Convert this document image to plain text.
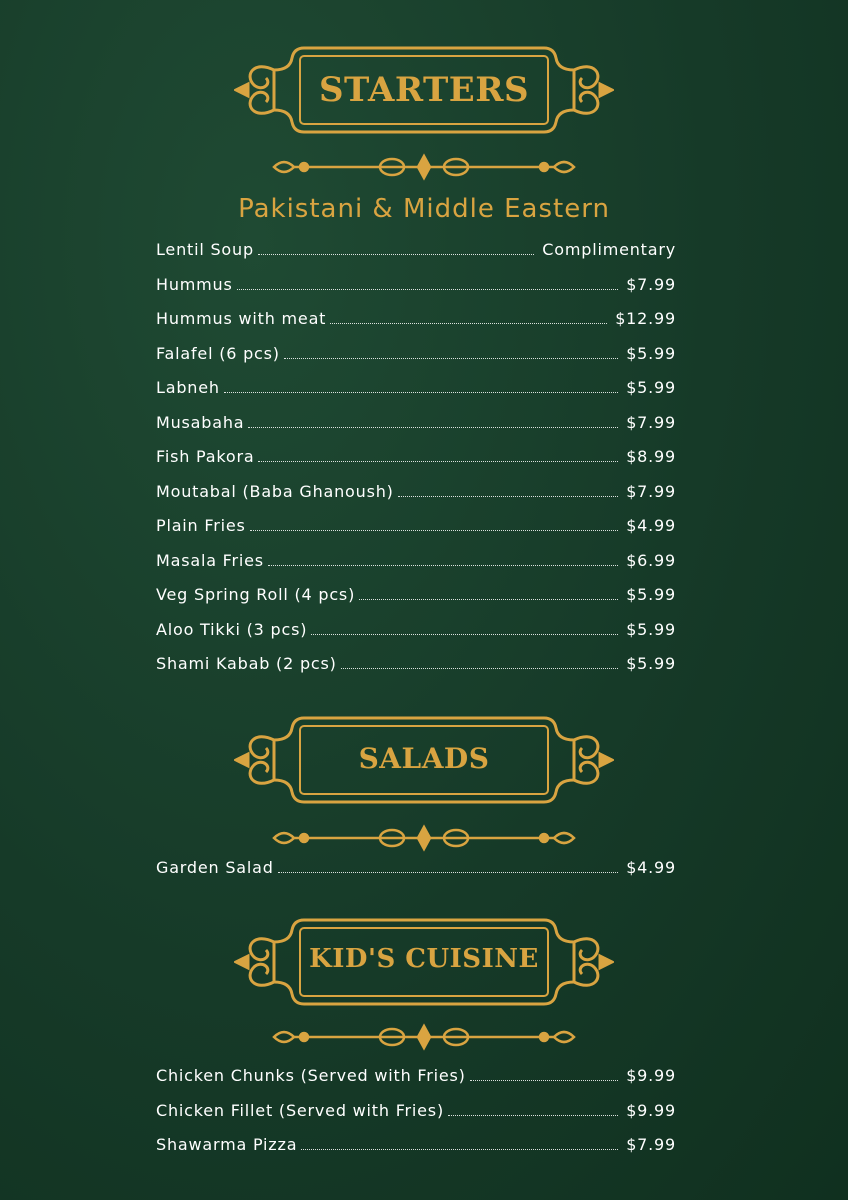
STARTERS
Pakistani & Middle Eastern
Lentil Soup	Complimentary
Hummus	$7.99
Hummus with meat	$12.99
Falafel (6 pcs)	$5.99
Labneh	$5.99
Musabaha	$7.99
Fish Pakora	$8.99
Moutabal (Baba Ghanoush)	$7.99
Plain Fries	$4.99
Masala Fries	$6.99
Veg Spring Roll (4 pcs)	$5.99
Aloo Tikki (3 pcs)	$5.99
Shami Kabab (2 pcs)	$5.99
SALADS
Garden Salad	$4.99
KID'S CUISINE
Chicken Chunks (Served with Fries)	$9.99
Chicken Fillet (Served with Fries)	$9.99
Shawarma Pizza	$7.99
